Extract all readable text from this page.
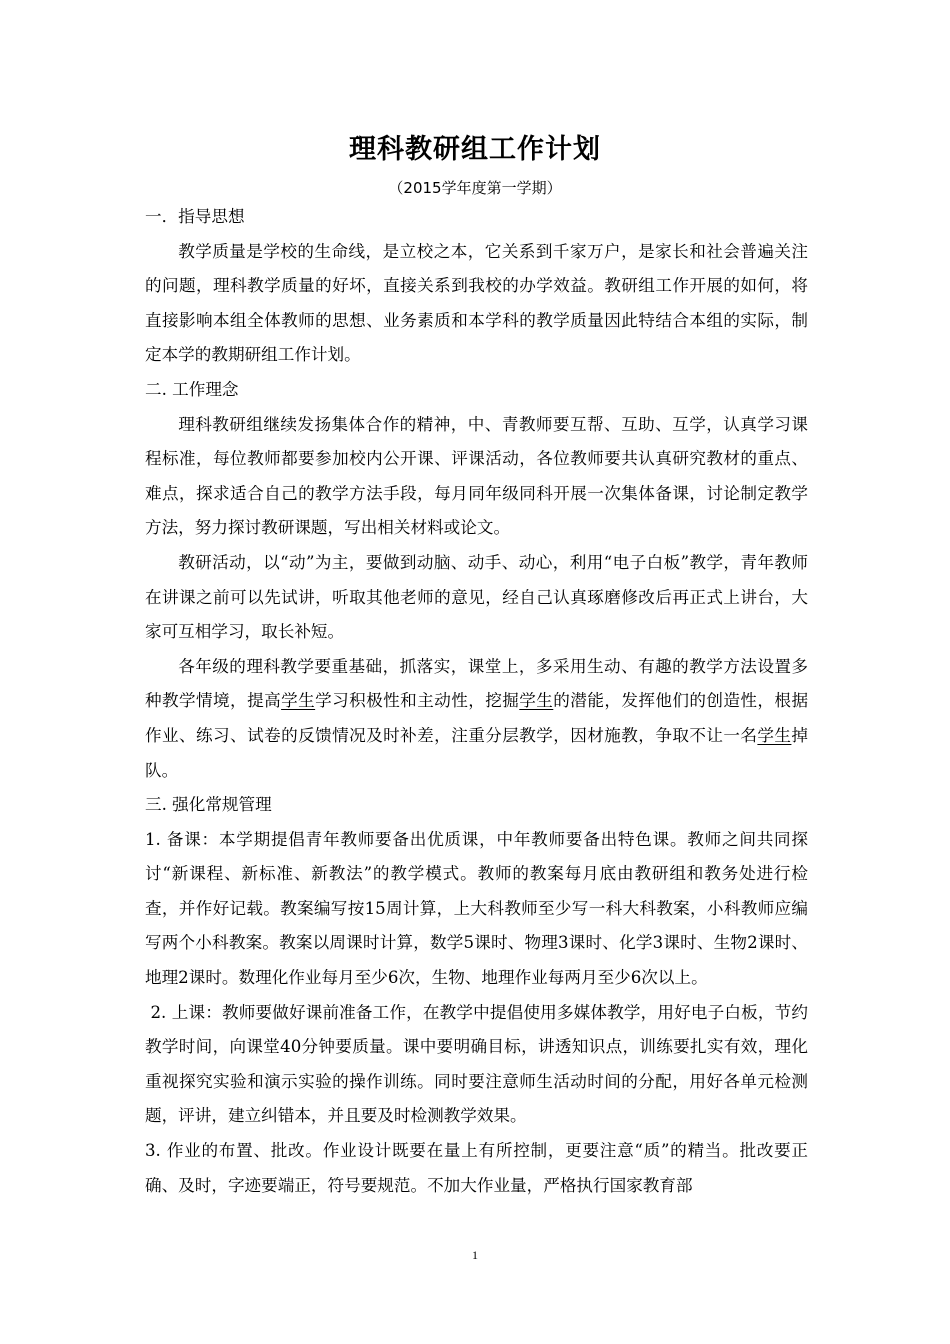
理科教研组工作计划
（2015学年度第一学期）

一．指导思想

教学质量是学校的生命线，是立校之本，它关系到千家万户，是家长和社会普遍关注的问题，理科教学质量的好坏，直接关系到我校的办学效益。教研组工作开展的如何，将直接影响本组全体教师的思想、业务素质和本学科的教学质量因此特结合本组的实际，制定本学的教期研组工作计划。

二. 工作理念

理科教研组继续发扬集体合作的精神，中、青教师要互帮、互助、互学，认真学习课程标准，每位教师都要参加校内公开课、评课活动，各位教师要共认真研究教材的重点、难点，探求适合自己的教学方法手段，每月同年级同科开展一次集体备课，讨论制定教学方法，努力探讨教研课题，写出相关材料或论文。

教研活动，以“动”为主，要做到动脑、动手、动心，利用“电子白板”教学，青年教师在讲课之前可以先试讲，听取其他老师的意见，经自己认真琢磨修改后再正式上讲台，大家可互相学习，取长补短。

各年级的理科教学要重基础，抓落实，课堂上，多采用生动、有趣的教学方法设置多种教学情境，提高学生学习积极性和主动性，挖掘学生的潜能，发挥他们的创造性，根据作业、练习、试卷的反馈情况及时补差，注重分层教学，因材施教，争取不让一名学生掉队。

三. 强化常规管理

1. 备课：本学期提倡青年教师要备出优质课，中年教师要备出特色课。教师之间共同探讨“新课程、新标准、新教法”的教学模式。教师的教案每月底由教研组和教务处进行检查，并作好记载。教案编写按15周计算，上大科教师至少写一科大科教案，小科教师应编写两个小科教案。教案以周课时计算，数学5课时、物理3课时、化学3课时、生物2课时、地理2课时。数理化作业每月至少6次，生物、地理作业每两月至少6次以上。

2. 上课：教师要做好课前准备工作，在教学中提倡使用多媒体教学，用好电子白板，节约教学时间，向课堂40分钟要质量。课中要明确目标，讲透知识点，训练要扎实有效，理化重视探究实验和演示实验的操作训练。同时要注意师生活动时间的分配，用好各单元检测题，评讲，建立纠错本，并且要及时检测教学效果。

3. 作业的布置、批改。作业设计既要在量上有所控制，更要注意“质”的精当。批改要正确、及时，字迹要端正，符号要规范。不加大作业量，严格执行国家教育部

1
